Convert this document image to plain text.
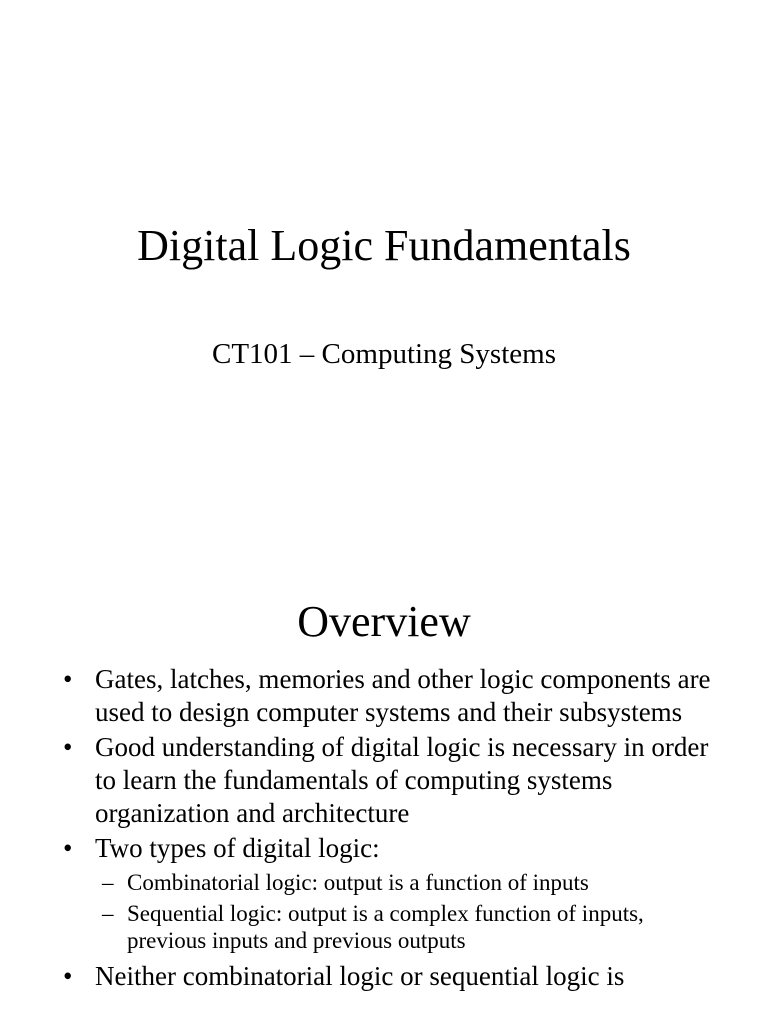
Digital Logic Fundamentals
CT101 – Computing Systems
Overview
• Gates, latches, memories and other logic components are used to design computer systems and their subsystems
• Good understanding of digital logic is necessary in order to learn the fundamentals of computing systems organization and architecture
• Two types of digital logic:
– Combinatorial logic: output is a function of inputs
– Sequential logic: output is a complex function of inputs, previous inputs and previous outputs
• Neither combinatorial logic or sequential logic is
